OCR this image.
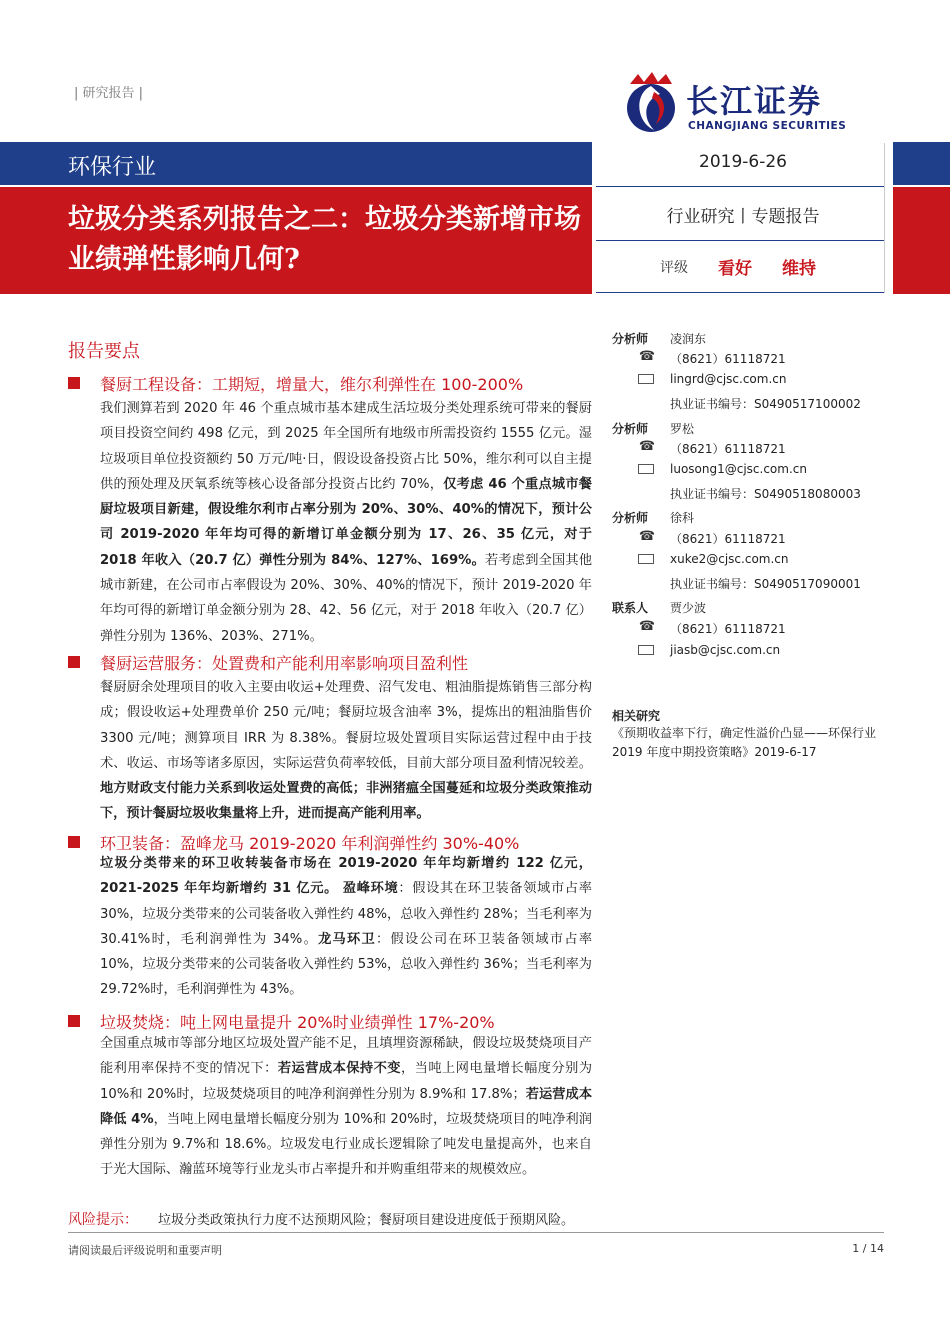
| 研究报告 |	长江证券
CHANGJIANG SECURITIES
环保行业
垃圾分类系列报告之二：垃圾分类新增市场业绩弹性影响几何?
2019-6-26
行业研究丨专题报告
评级 看好 维持
报告要点
餐厨工程设备：工期短，增量大，维尔利弹性在 100-200%
我们测算若到 2020 年 46 个重点城市基本建成生活垃圾分类处理系统可带来的餐厨项目投资空间约 498 亿元，到 2025 年全国所有地级市所需投资约 1555 亿元。湿垃圾项目单位投资额约 50 万元/吨·日，假设设备投资占比 50%，维尔利可以自主提供的预处理及厌氧系统等核心设备部分投资占比约 70%，仅考虑 46 个重点城市餐厨垃圾项目新建，假设维尔利市占率分别为 20%、30%、40%的情况下，预计公司 2019-2020 年年均可得的新增订单金额分别为 17、26、35 亿元，对于 2018 年收入（20.7 亿）弹性分别为 84%、127%、169%。若考虑到全国其他城市新建，在公司市占率假设为 20%、30%、40%的情况下，预计 2019-2020 年年均可得的新增订单金额分别为 28、42、56 亿元，对于 2018 年收入（20.7 亿）弹性分别为 136%、203%、271%。
餐厨运营服务：处置费和产能利用率影响项目盈利性
餐厨厨余处理项目的收入主要由收运+处理费、沼气发电、粗油脂提炼销售三部分构成；假设收运+处理费单价 250 元/吨；餐厨垃圾含油率 3%，提炼出的粗油脂售价 3300 元/吨；测算项目 IRR 为 8.38%。餐厨垃圾处置项目实际运营过程中由于技术、收运、市场等诸多原因，实际运营负荷率较低，目前大部分项目盈利情况较差。地方财政支付能力关系到收运处置费的高低；非洲猪瘟全国蔓延和垃圾分类政策推动下，预计餐厨垃圾收集量将上升，进而提高产能利用率。
环卫装备：盈峰龙马 2019-2020 年利润弹性约 30%-40%
垃圾分类带来的环卫收转装备市场在 2019-2020 年年均新增约 122 亿元，2021-2025 年年均新增约 31 亿元。 盈峰环境：假设其在环卫装备领域市占率 30%，垃圾分类带来的公司装备收入弹性约 48%，总收入弹性约 28%；当毛利率为 30.41%时，毛利润弹性为 34%。龙马环卫：假设公司在环卫装备领域市占率 10%，垃圾分类带来的公司装备收入弹性约 53%，总收入弹性约 36%；当毛利率为 29.72%时，毛利润弹性为 43%。
垃圾焚烧：吨上网电量提升 20%时业绩弹性 17%-20%
全国重点城市等部分地区垃圾处置产能不足，且填埋资源稀缺，假设垃圾焚烧项目产能利用率保持不变的情况下：若运营成本保持不变，当吨上网电量增长幅度分别为 10%和 20%时，垃圾焚烧项目的吨净利润弹性分别为 8.9%和 17.8%；若运营成本降低 4%，当吨上网电量增长幅度分别为 10%和 20%时，垃圾焚烧项目的吨净利润弹性分别为 9.7%和 18.6%。垃圾发电行业成长逻辑除了吨发电量提高外，也来自于光大国际、瀚蓝环境等行业龙头市占率提升和并购重组带来的规模效应。
风险提示： 垃圾分类政策执行力度不达预期风险；餐厨项目建设进度低于预期风险。
分析师 凌润东
☎ （8621）61118721
lingrd@cjsc.com.cn
执业证书编号：S0490517100002
分析师 罗松
☎ （8621）61118721
luosong1@cjsc.com.cn
执业证书编号：S0490518080003
分析师 徐科
☎ （8621）61118721
xuke2@cjsc.com.cn
执业证书编号：S0490517090001
联系人 贾少波
☎ （8621）61118721
jiasb@cjsc.com.cn
相关研究
《预期收益率下行，确定性溢价凸显——环保行业 2019 年度中期投资策略》2019-6-17
请阅读最后评级说明和重要声明	1 / 14
